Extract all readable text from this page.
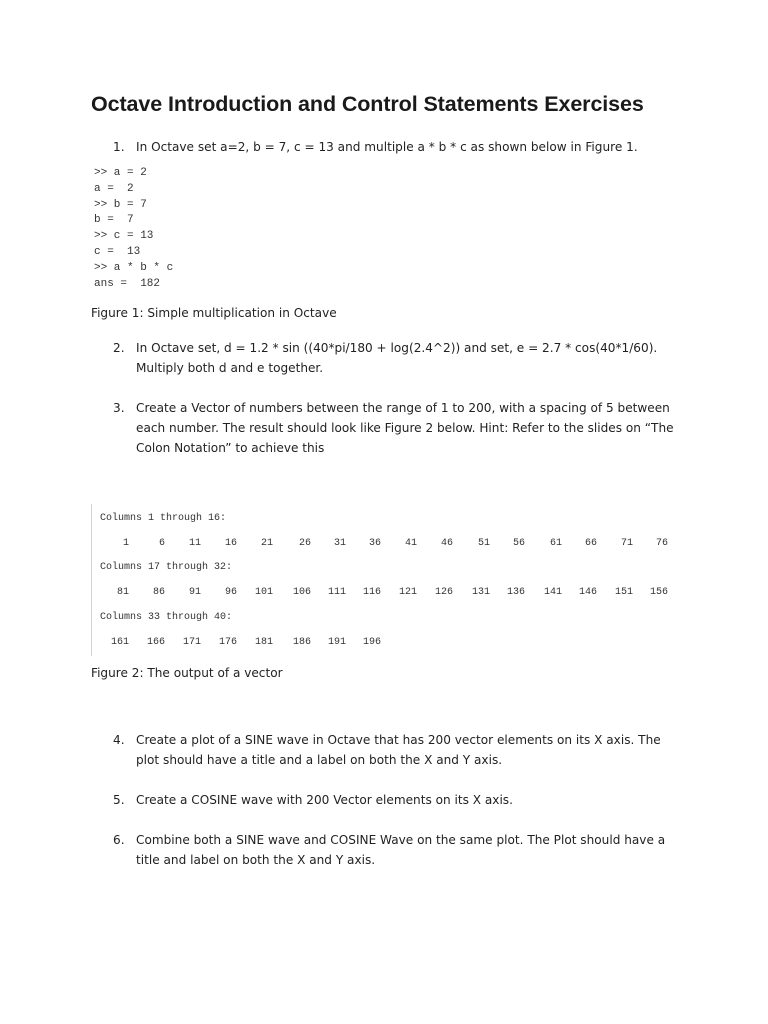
Octave Introduction and Control Statements Exercises
1. In Octave set a=2, b = 7, c = 13 and multiple a * b * c as shown below in Figure 1.
>> a = 2
a =  2
>> b = 7
b =  7
>> c = 13
c =  13
>> a * b * c
ans =  182
Figure 1: Simple multiplication in Octave
2. In Octave set, d = 1.2 * sin ((40*pi/180 + log(2.4^2)) and set, e = 2.7 * cos(40*1/60). Multiply both d and e together.
3. Create a Vector of numbers between the range of 1 to 200, with a spacing of 5 between each number. The result should look like Figure 2 below. Hint: Refer to the slides on “The Colon Notation” to achieve this
Columns 1 through 16:
1	6	11	16	21	26	31	36	41	46	51	56	61	66	71	76
Columns 17 through 32:
81	86	91	96	101	106	111	116	121	126	131	136	141	146	151	156
Columns 33 through 40:
161	166	171	176	181	186	191	196
Figure 2: The output of a vector
4. Create a plot of a SINE wave in Octave that has 200 vector elements on its X axis. The plot should have a title and a label on both the X and Y axis.
5. Create a COSINE wave with 200 Vector elements on its X axis.
6. Combine both a SINE wave and COSINE Wave on the same plot. The Plot should have a title and label on both the X and Y axis.
